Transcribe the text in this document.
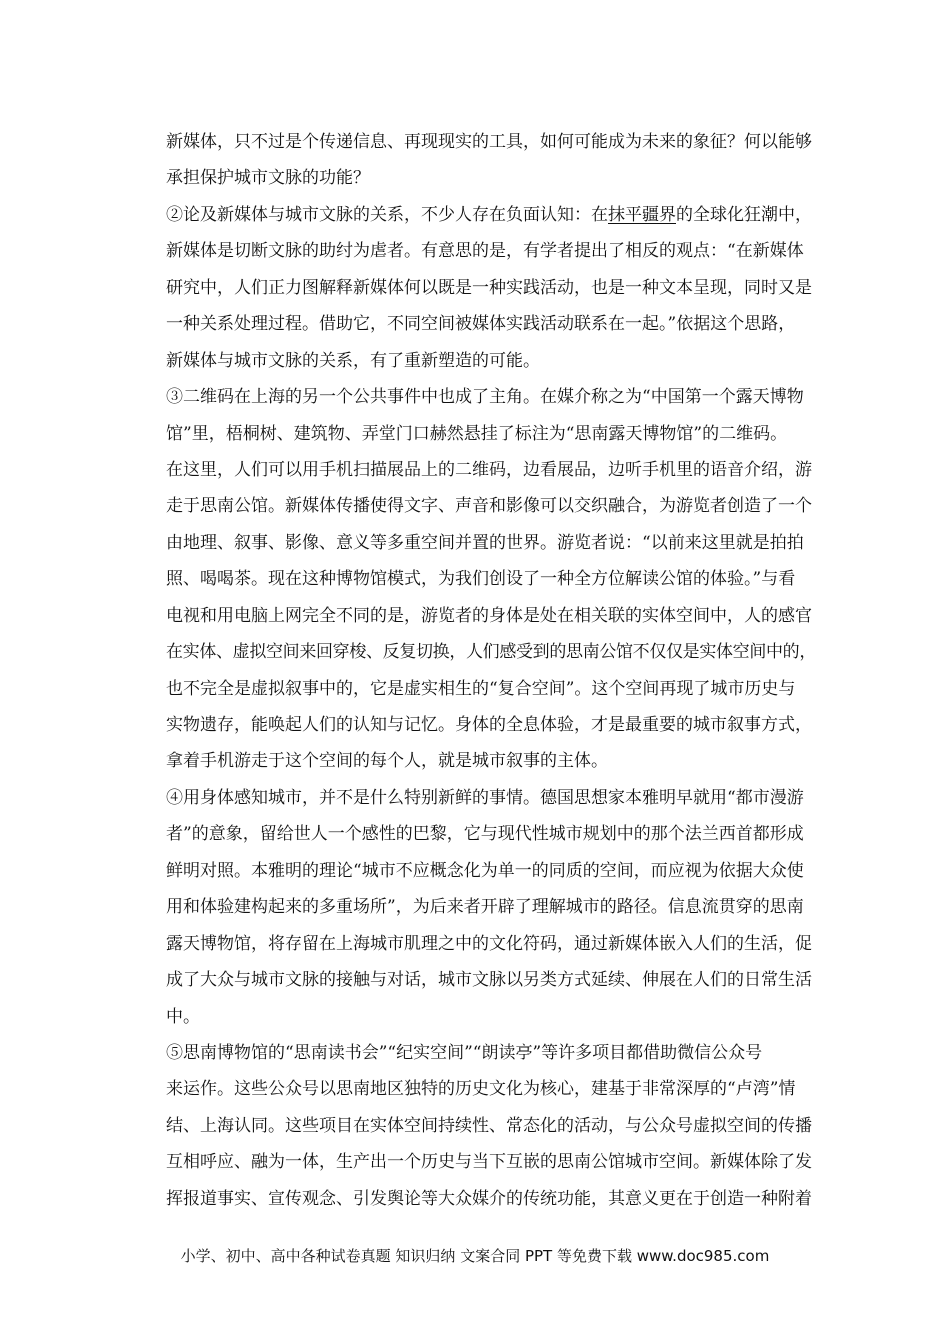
新媒体，只不过是个传递信息、再现现实的工具，如何可能成为未来的象征？何以能够
承担保护城市文脉的功能？
②论及新媒体与城市文脉的关系，不少人存在负面认知：在抹平疆界的全球化狂潮中，
新媒体是切断文脉的助纣为虐者。有意思的是，有学者提出了相反的观点：“在新媒体
研究中，人们正力图解释新媒体何以既是一种实践活动，也是一种文本呈现，同时又是
一种关系处理过程。借助它，不同空间被媒体实践活动联系在一起。”依据这个思路，
新媒体与城市文脉的关系，有了重新塑造的可能。
③二维码在上海的另一个公共事件中也成了主角。在媒介称之为“中国第一个露天博物
馆”里，梧桐树、建筑物、弄堂门口赫然悬挂了标注为“思南露天博物馆”的二维码。
在这里，人们可以用手机扫描展品上的二维码，边看展品，边听手机里的语音介绍，游
走于思南公馆。新媒体传播使得文字、声音和影像可以交织融合，为游览者创造了一个
由地理、叙事、影像、意义等多重空间并置的世界。游览者说：“以前来这里就是拍拍
照、喝喝茶。现在这种博物馆模式，为我们创设了一种全方位解读公馆的体验。”与看
电视和用电脑上网完全不同的是，游览者的身体是处在相关联的实体空间中，人的感官
在实体、虚拟空间来回穿梭、反复切换，人们感受到的思南公馆不仅仅是实体空间中的，
也不完全是虚拟叙事中的，它是虚实相生的“复合空间”。这个空间再现了城市历史与
实物遗存，能唤起人们的认知与记忆。身体的全息体验，才是最重要的城市叙事方式，
拿着手机游走于这个空间的每个人，就是城市叙事的主体。
④用身体感知城市，并不是什么特别新鲜的事情。德国思想家本雅明早就用“都市漫游
者”的意象，留给世人一个感性的巴黎，它与现代性城市规划中的那个法兰西首都形成
鲜明对照。本雅明的理论“城市不应概念化为单一的同质的空间，而应视为依据大众使
用和体验建构起来的多重场所”，为后来者开辟了理解城市的路径。信息流贯穿的思南
露天博物馆，将存留在上海城市肌理之中的文化符码，通过新媒体嵌入人们的生活，促
成了大众与城市文脉的接触与对话，城市文脉以另类方式延续、伸展在人们的日常生活
中。
⑤思南博物馆的“思南读书会”“纪实空间”“朗读亭”等许多项目都借助微信公众号
来运作。这些公众号以思南地区独特的历史文化为核心，建基于非常深厚的“卢湾”情
结、上海认同。这些项目在实体空间持续性、常态化的活动，与公众号虚拟空间的传播
互相呼应、融为一体，生产出一个历史与当下互嵌的思南公馆城市空间。新媒体除了发
挥报道事实、宣传观念、引发舆论等大众媒介的传统功能，其意义更在于创造一种附着
小学、初中、高中各种试卷真题 知识归纳 文案合同 PPT 等免费下载 www.doc985.com
